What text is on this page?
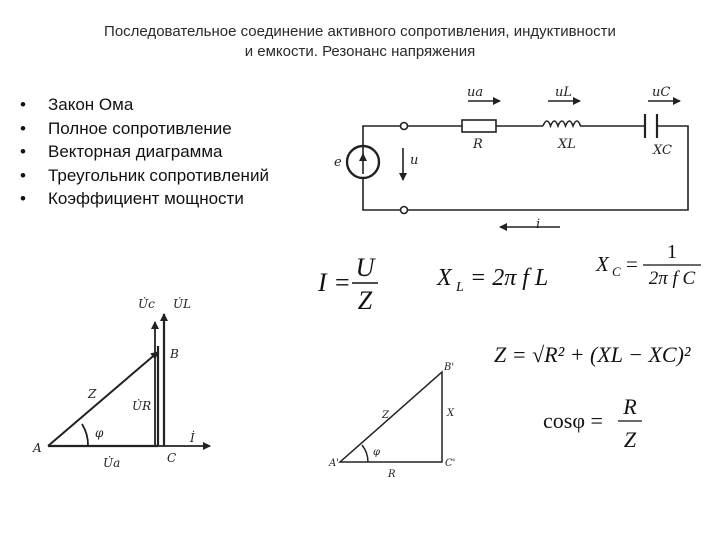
Последовательное соединение активного сопротивления, индуктивности
и емкости. Резонанс напряжения
• Закон Ома
• Полное сопротивление
• Векторная диаграмма
• Треугольник сопротивлений
• Коэффициент мощности
uа	uL	uC
R	XL	XC
e	u
i
I =
U
Z
X L = 2π f L
X C = 1
2π f C
Z = √R² + (XL − XC)²
cosφ =
R
Z
U̇c U̇L
B
Z
U̇R
φ
A
İ
U̇a	C
B'
Z	X
φ
A'
R
C'
